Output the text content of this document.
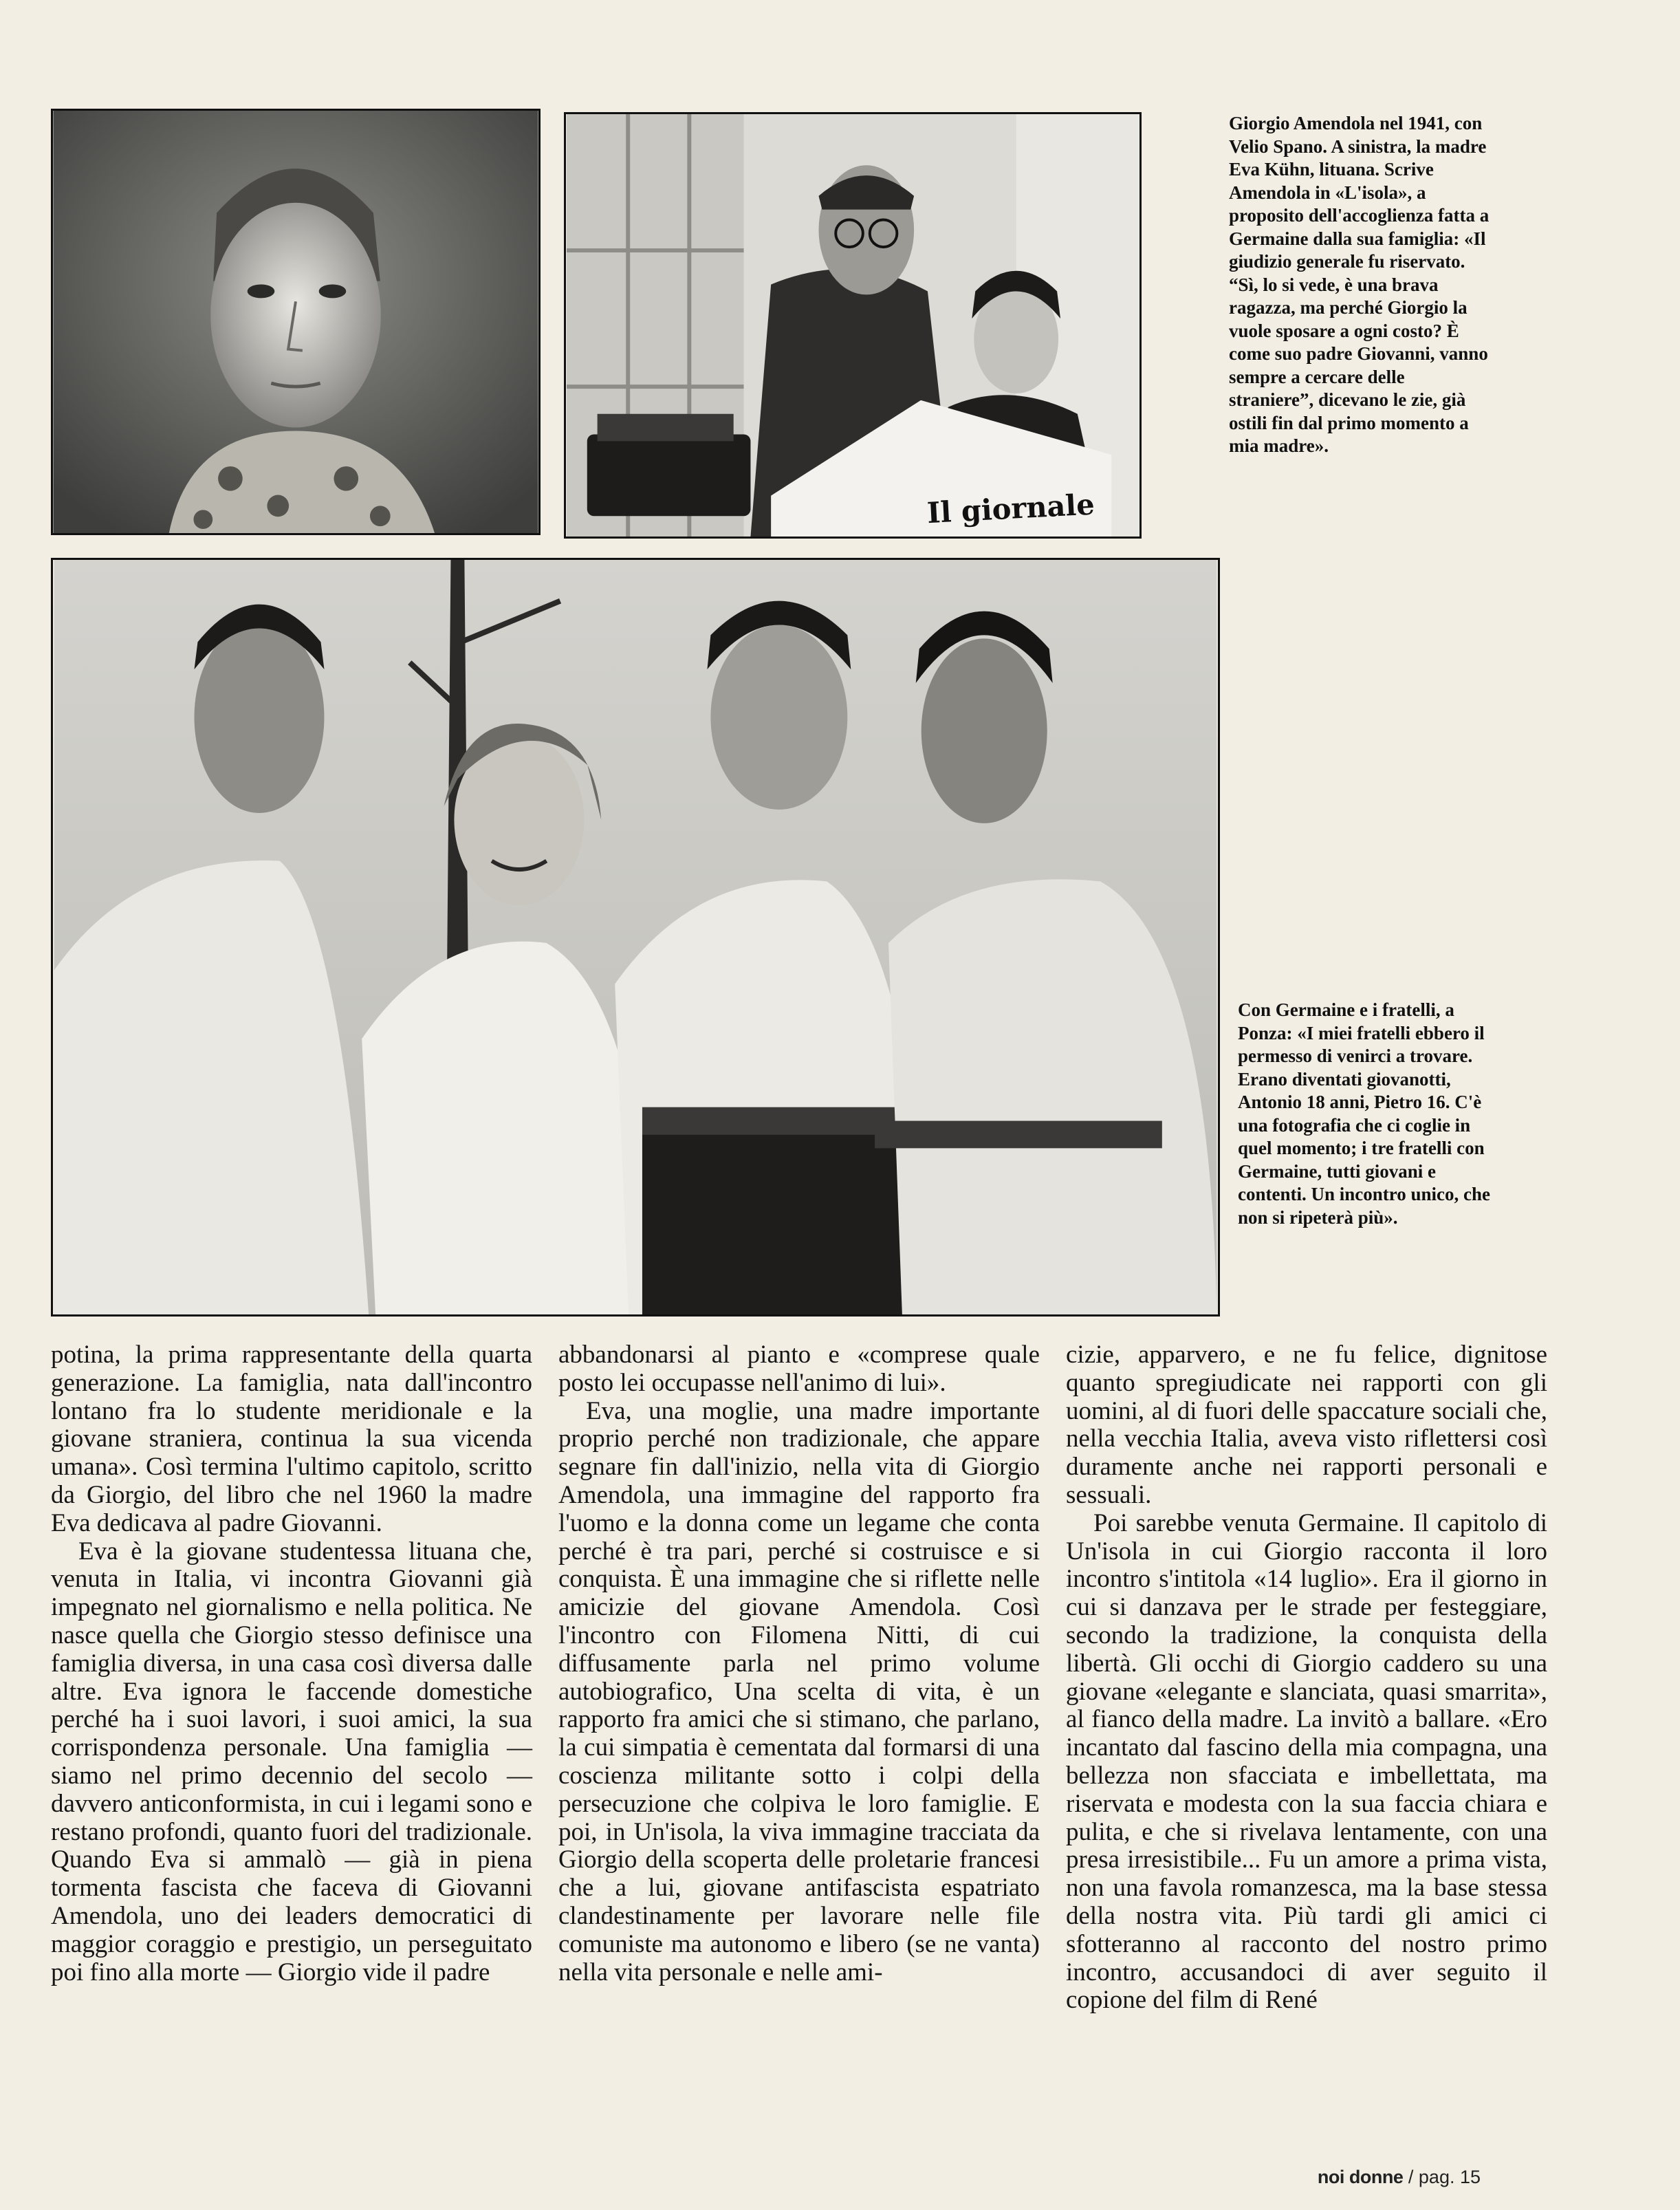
Il giornale

Giorgio Amendola nel 1941, con Velio Spano. A sinistra, la madre Eva Kühn, lituana. Scrive Amendola in «L'isola», a proposito dell'accoglienza fatta a Germaine dalla sua famiglia: «Il giudizio generale fu riservato. “Sì, lo si vede, è una brava ragazza, ma perché Giorgio la vuole sposare a ogni costo? È come suo padre Giovanni, vanno sempre a cercare delle straniere”, dicevano le zie, già ostili fin dal primo momento a mia madre».

Con Germaine e i fratelli, a Ponza: «I miei fratelli ebbero il permesso di venirci a trovare. Erano diventati giovanotti, Antonio 18 anni, Pietro 16. C'è una fotografia che ci coglie in quel momento; i tre fratelli con Germaine, tutti giovani e contenti. Un incontro unico, che non si ripeterà più».

potina, la prima rappresentante della quarta generazione. La famiglia, nata dall'incontro lontano fra lo studente meridionale e la giovane straniera, continua la sua vicenda umana». Così termina l'ultimo capitolo, scritto da Giorgio, del libro che nel 1960 la madre Eva dedicava al padre Giovanni.

Eva è la giovane studentessa lituana che, venuta in Italia, vi incontra Giovanni già impegnato nel giornalismo e nella politica. Ne nasce quella che Giorgio stesso definisce una famiglia diversa, in una casa così diversa dalle altre. Eva ignora le faccende domestiche perché ha i suoi lavori, i suoi amici, la sua corrispondenza personale. Una famiglia — siamo nel primo decennio del secolo — davvero anticonformista, in cui i legami sono e restano profondi, quanto fuori del tradizionale. Quando Eva si ammalò — già in piena tormenta fascista che faceva di Giovanni Amendola, uno dei leaders democratici di maggior coraggio e prestigio, un perseguitato poi fino alla morte — Giorgio vide il padre

abbandonarsi al pianto e «comprese quale posto lei occupasse nell'animo di lui».

Eva, una moglie, una madre importante proprio perché non tradizionale, che appare segnare fin dall'inizio, nella vita di Giorgio Amendola, una immagine del rapporto fra l'uomo e la donna come un legame che conta perché è tra pari, perché si costruisce e si conquista. È una immagine che si riflette nelle amicizie del giovane Amendola. Così l'incontro con Filomena Nitti, di cui diffusamente parla nel primo volume autobiografico, Una scelta di vita, è un rapporto fra amici che si stimano, che parlano, la cui simpatia è cementata dal formarsi di una coscienza militante sotto i colpi della persecuzione che colpiva le loro famiglie. E poi, in Un'isola, la viva immagine tracciata da Giorgio della scoperta delle proletarie francesi che a lui, giovane antifascista espatriato clandestinamente per lavorare nelle file comuniste ma autonomo e libero (se ne vanta) nella vita personale e nelle ami-

cizie, apparvero, e ne fu felice, dignitose quanto spregiudicate nei rapporti con gli uomini, al di fuori delle spaccature sociali che, nella vecchia Italia, aveva visto riflettersi così duramente anche nei rapporti personali e sessuali.

Poi sarebbe venuta Germaine. Il capitolo di Un'isola in cui Giorgio racconta il loro incontro s'intitola «14 luglio». Era il giorno in cui si danzava per le strade per festeggiare, secondo la tradizione, la conquista della libertà. Gli occhi di Giorgio caddero su una giovane «elegante e slanciata, quasi smarrita», al fianco della madre. La invitò a ballare. «Ero incantato dal fascino della mia compagna, una bellezza non sfacciata e imbellettata, ma riservata e modesta con la sua faccia chiara e pulita, e che si rivelava lentamente, con una presa irresistibile... Fu un amore a prima vista, non una favola romanzesca, ma la base stessa della nostra vita. Più tardi gli amici ci sfotteranno al racconto del nostro primo incontro, accusandoci di aver seguito il copione del film di René

noi donne / pag. 15
